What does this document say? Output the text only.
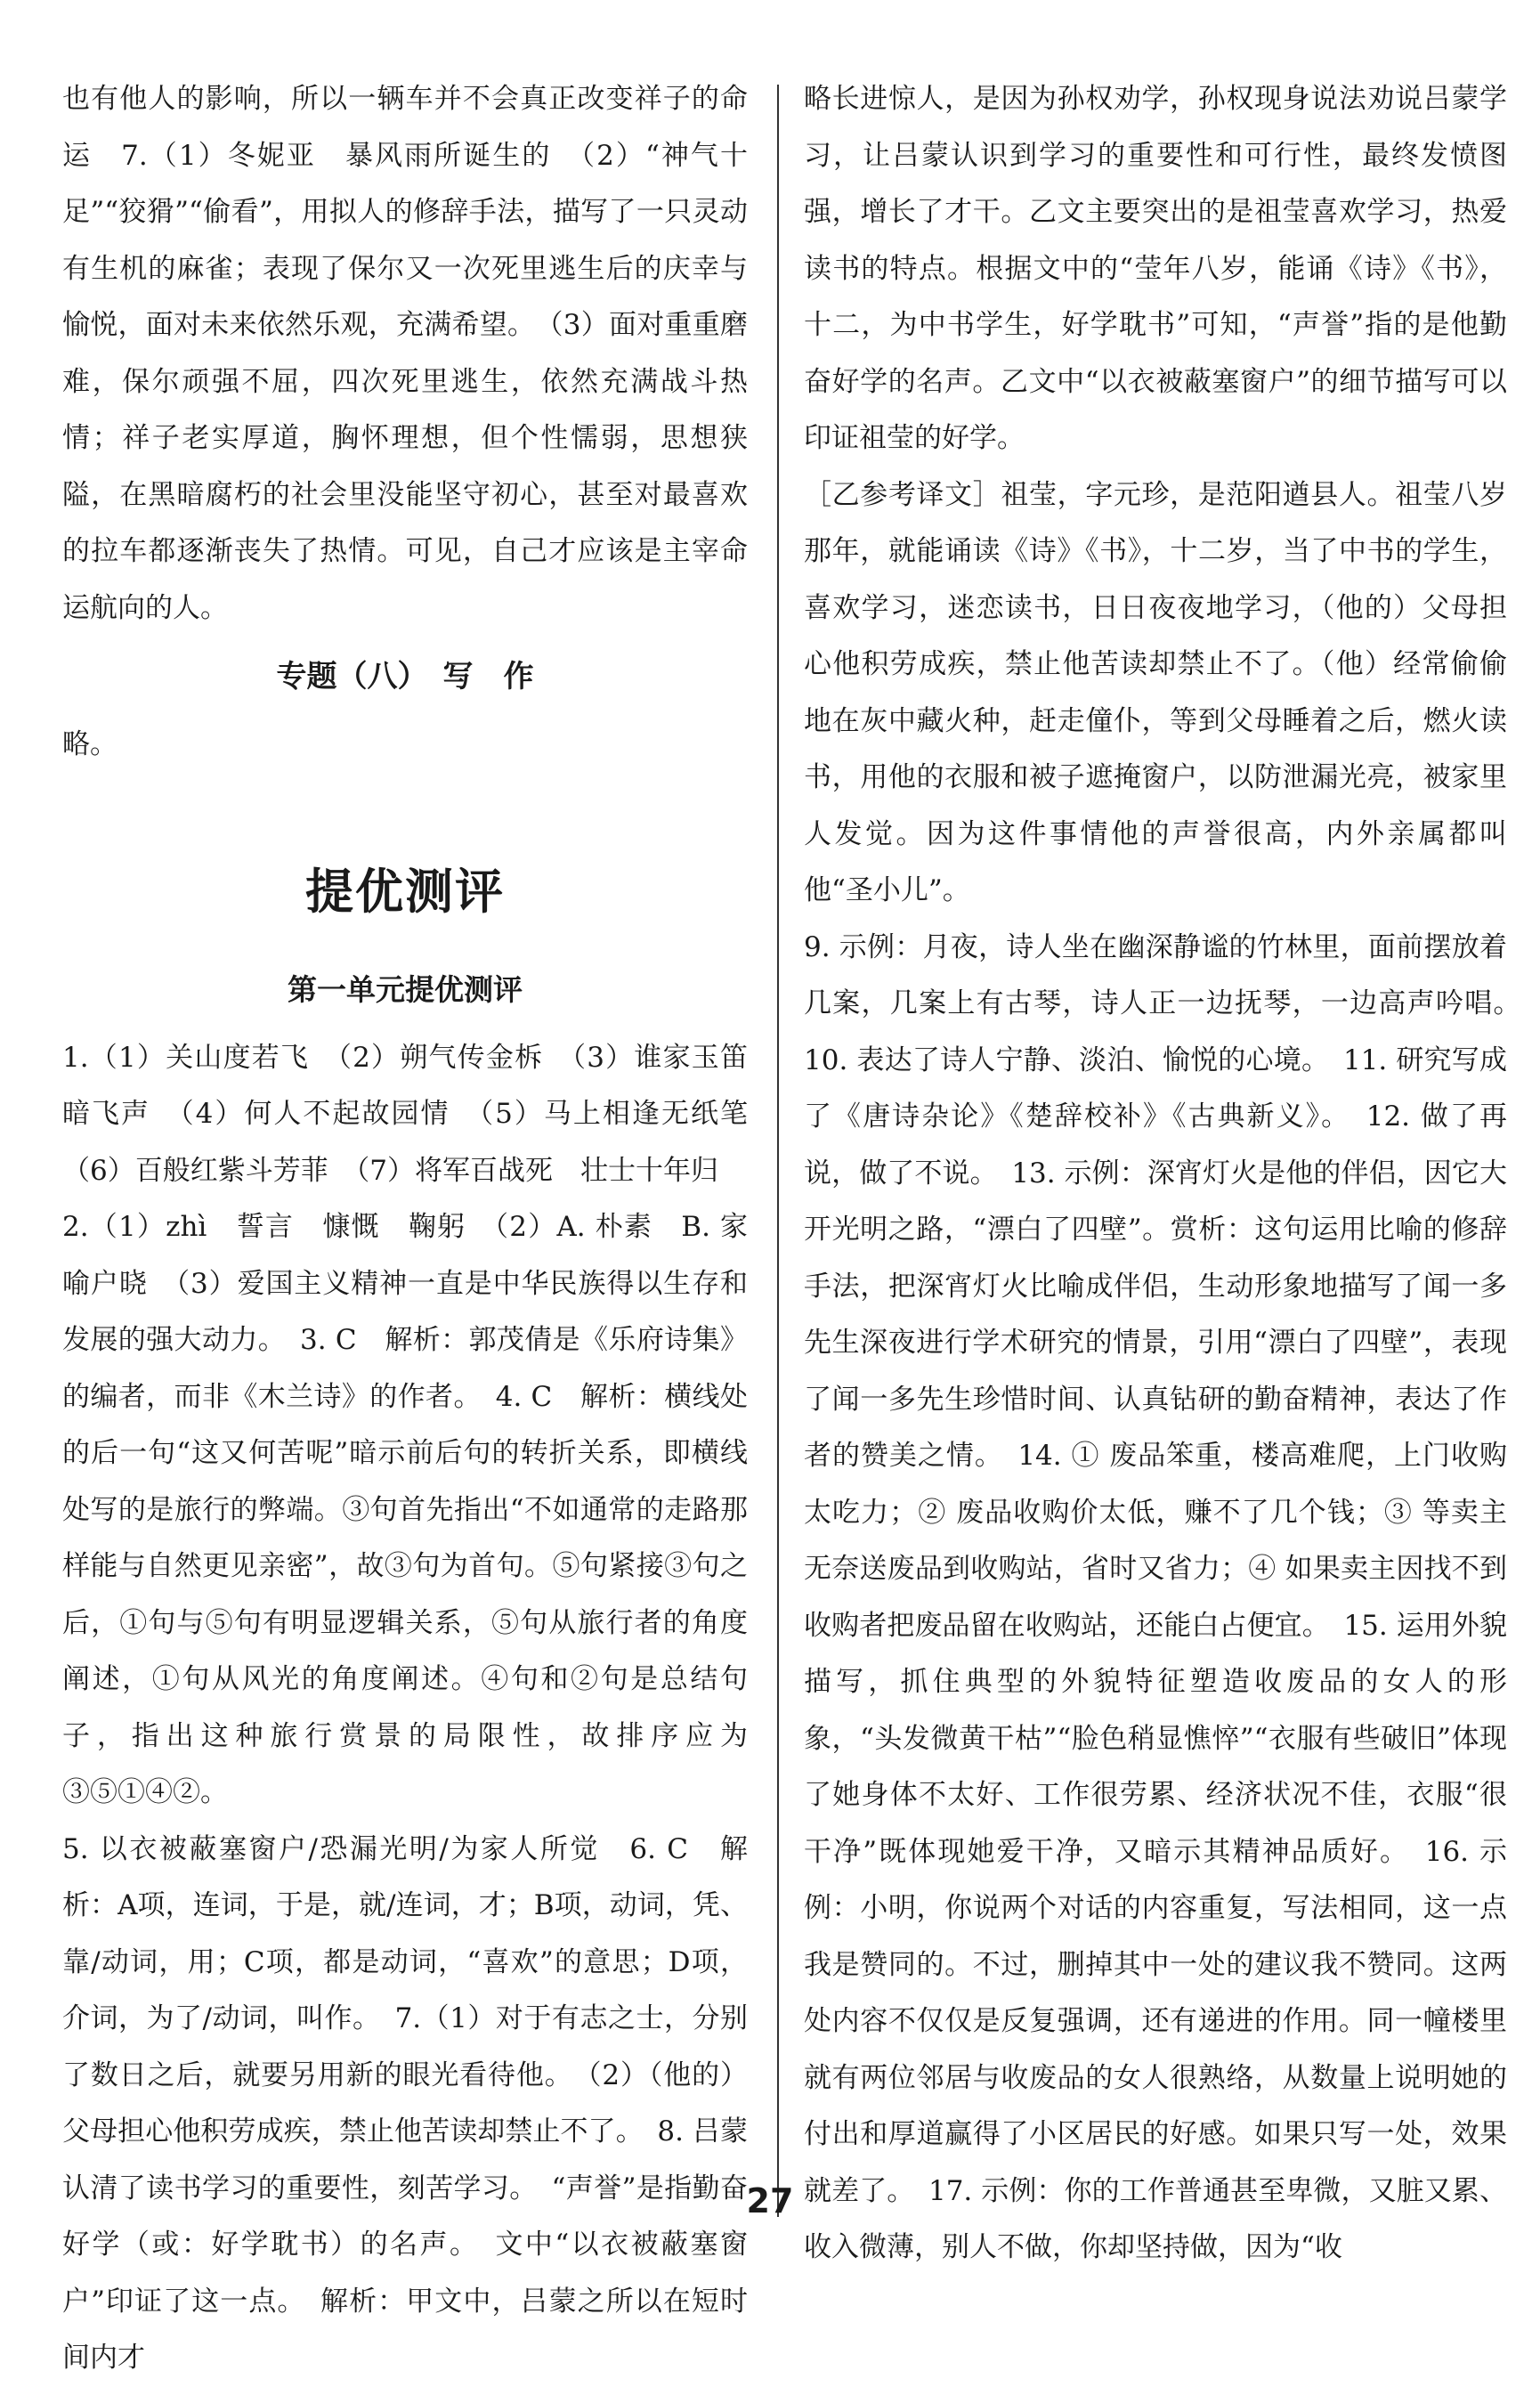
也有他人的影响，所以一辆车并不会真正改变祥子的命运　7.（1）冬妮亚　暴风雨所诞生的　（2）“神气十足”“狡猾”“偷看”，用拟人的修辞手法，描写了一只灵动有生机的麻雀；表现了保尔又一次死里逃生后的庆幸与愉悦，面对未来依然乐观，充满希望。　（3）面对重重磨难，保尔顽强不屈，四次死里逃生，依然充满战斗热情；祥子老实厚道，胸怀理想，但个性懦弱，思想狭隘，在黑暗腐朽的社会里没能坚守初心，甚至对最喜欢的拉车都逐渐丧失了热情。可见，自己才应该是主宰命运航向的人。

专题（八）　写　作

略。

提优测评
第一单元提优测评

1.（1）关山度若飞　（2）朔气传金柝　（3）谁家玉笛暗飞声　（4）何人不起故园情　（5）马上相逢无纸笔　（6）百般红紫斗芳菲　（7）将军百战死　壮士十年归

2.（1）zhì　誓言　慷慨　鞠躬　（2）A. 朴素　B. 家喻户晓　（3）爱国主义精神一直是中华民族得以生存和发展的强大动力。　3. C　解析：郭茂倩是《乐府诗集》的编者，而非《木兰诗》的作者。　4. C　解析：横线处的后一句“这又何苦呢”暗示前后句的转折关系，即横线处写的是旅行的弊端。③句首先指出“不如通常的走路那样能与自然更见亲密”，故③句为首句。⑤句紧接③句之后，①句与⑤句有明显逻辑关系，⑤句从旅行者的角度阐述，①句从风光的角度阐述。④句和②句是总结句子，指出这种旅行赏景的局限性，故排序应为③⑤①④②。

5. 以衣被蔽塞窗户/恐漏光明/为家人所觉　6. C　解析：A项，连词，于是，就/连词，才；B项，动词，凭、靠/动词，用；C项，都是动词，“喜欢”的意思；D项，介词，为了/动词，叫作。　7.（1）对于有志之士，分别了数日之后，就要另用新的眼光看待他。　（2）（他的）父母担心他积劳成疾，禁止他苦读却禁止不了。　8. 吕蒙认清了读书学习的重要性，刻苦学习。　“声誉”是指勤奋好学（或：好学耽书）的名声。　文中“以衣被蔽塞窗户”印证了这一点。　解析：甲文中，吕蒙之所以在短时间内才

略长进惊人，是因为孙权劝学，孙权现身说法劝说吕蒙学习，让吕蒙认识到学习的重要性和可行性，最终发愤图强，增长了才干。乙文主要突出的是祖莹喜欢学习，热爱读书的特点。根据文中的“莹年八岁，能诵《诗》《书》，十二，为中书学生，好学耽书”可知，“声誉”指的是他勤奋好学的名声。乙文中“以衣被蔽塞窗户”的细节描写可以印证祖莹的好学。

［乙参考译文］祖莹，字元珍，是范阳遒县人。祖莹八岁那年，就能诵读《诗》《书》，十二岁，当了中书的学生，喜欢学习，迷恋读书，日日夜夜地学习，（他的）父母担心他积劳成疾，禁止他苦读却禁止不了。（他）经常偷偷地在灰中藏火种，赶走僮仆，等到父母睡着之后，燃火读书，用他的衣服和被子遮掩窗户，以防泄漏光亮，被家里人发觉。因为这件事情他的声誉很高，内外亲属都叫他“圣小儿”。

9. 示例：月夜，诗人坐在幽深静谧的竹林里，面前摆放着几案，几案上有古琴，诗人正一边抚琴，一边高声吟唱。　10. 表达了诗人宁静、淡泊、愉悦的心境。　11. 研究写成了《唐诗杂论》《楚辞校补》《古典新义》。　12. 做了再说，做了不说。　13. 示例：深宵灯火是他的伴侣，因它大开光明之路，“漂白了四壁”。赏析：这句运用比喻的修辞手法，把深宵灯火比喻成伴侣，生动形象地描写了闻一多先生深夜进行学术研究的情景，引用“漂白了四壁”，表现了闻一多先生珍惜时间、认真钻研的勤奋精神，表达了作者的赞美之情。　14. ① 废品笨重，楼高难爬，上门收购太吃力；② 废品收购价太低，赚不了几个钱；③ 等卖主无奈送废品到收购站，省时又省力；④ 如果卖主因找不到收购者把废品留在收购站，还能白占便宜。　15. 运用外貌描写，抓住典型的外貌特征塑造收废品的女人的形象，“头发微黄干枯”“脸色稍显憔悴”“衣服有些破旧”体现了她身体不太好、工作很劳累、经济状况不佳，衣服“很干净”既体现她爱干净，又暗示其精神品质好。　16. 示例：小明，你说两个对话的内容重复，写法相同，这一点我是赞同的。不过，删掉其中一处的建议我不赞同。这两处内容不仅仅是反复强调，还有递进的作用。同一幢楼里就有两位邻居与收废品的女人很熟络，从数量上说明她的付出和厚道赢得了小区居民的好感。如果只写一处，效果就差了。　17. 示例：你的工作普通甚至卑微，又脏又累、收入微薄，别人不做，你却坚持做，因为“收

27
